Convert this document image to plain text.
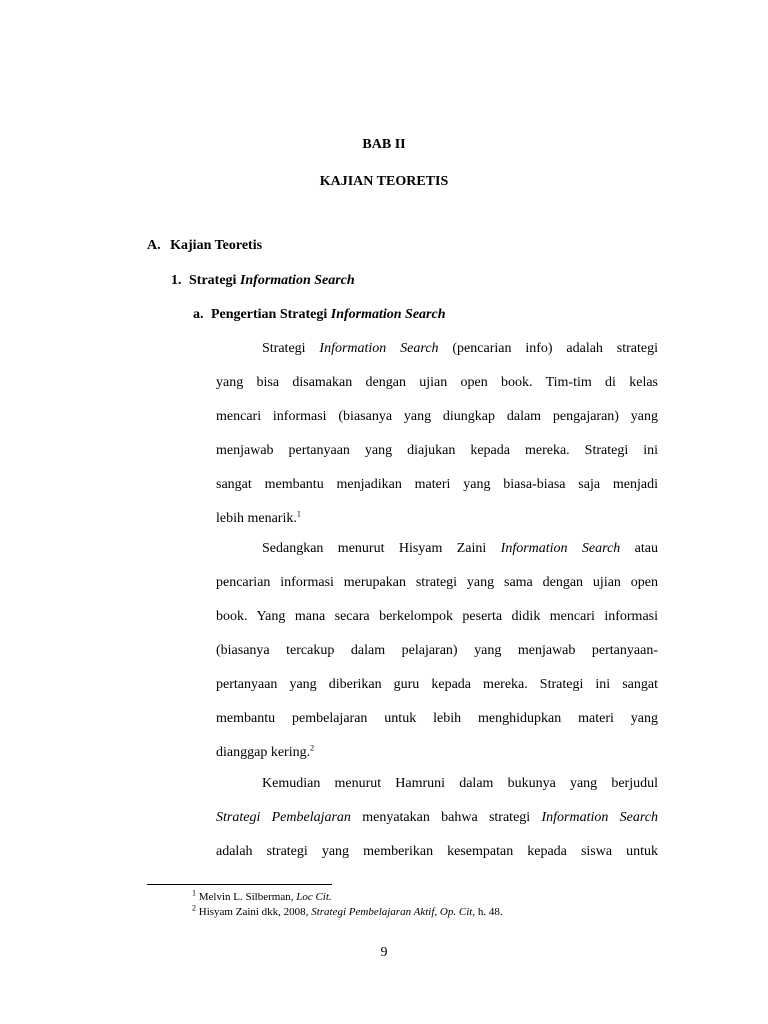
BAB II
KAJIAN TEORETIS
A. Kajian Teoretis
1. Strategi Information Search
a. Pengertian Strategi Information Search
Strategi Information Search (pencarian info) adalah strategi
yang bisa disamakan dengan ujian open book. Tim-tim di kelas
mencari informasi (biasanya yang diungkap dalam pengajaran) yang
menjawab pertanyaan yang diajukan kepada mereka. Strategi ini
sangat membantu menjadikan materi yang biasa-biasa saja menjadi
lebih menarik.$^1$
Sedangkan menurut Hisyam Zaini Information Search atau
pencarian informasi merupakan strategi yang sama dengan ujian open
book. Yang mana secara berkelompok peserta didik mencari informasi
(biasanya tercakup dalam pelajaran) yang menjawab pertanyaan-
pertanyaan yang diberikan guru kepada mereka. Strategi ini sangat
membantu pembelajaran untuk lebih menghidupkan materi yang
dianggap kering.$^2$
Kemudian menurut Hamruni dalam bukunya yang berjudul
Strategi Pembelajaran menyatakan bahwa strategi Information Search
adalah strategi yang memberikan kesempatan kepada siswa untuk
$^1$ Melvin L. Silberman, Loc Cit.
$^2$ Hisyam Zaini dkk, 2008, Strategi Pembelajaran Aktif, Op. Cit, h. 48.
9
